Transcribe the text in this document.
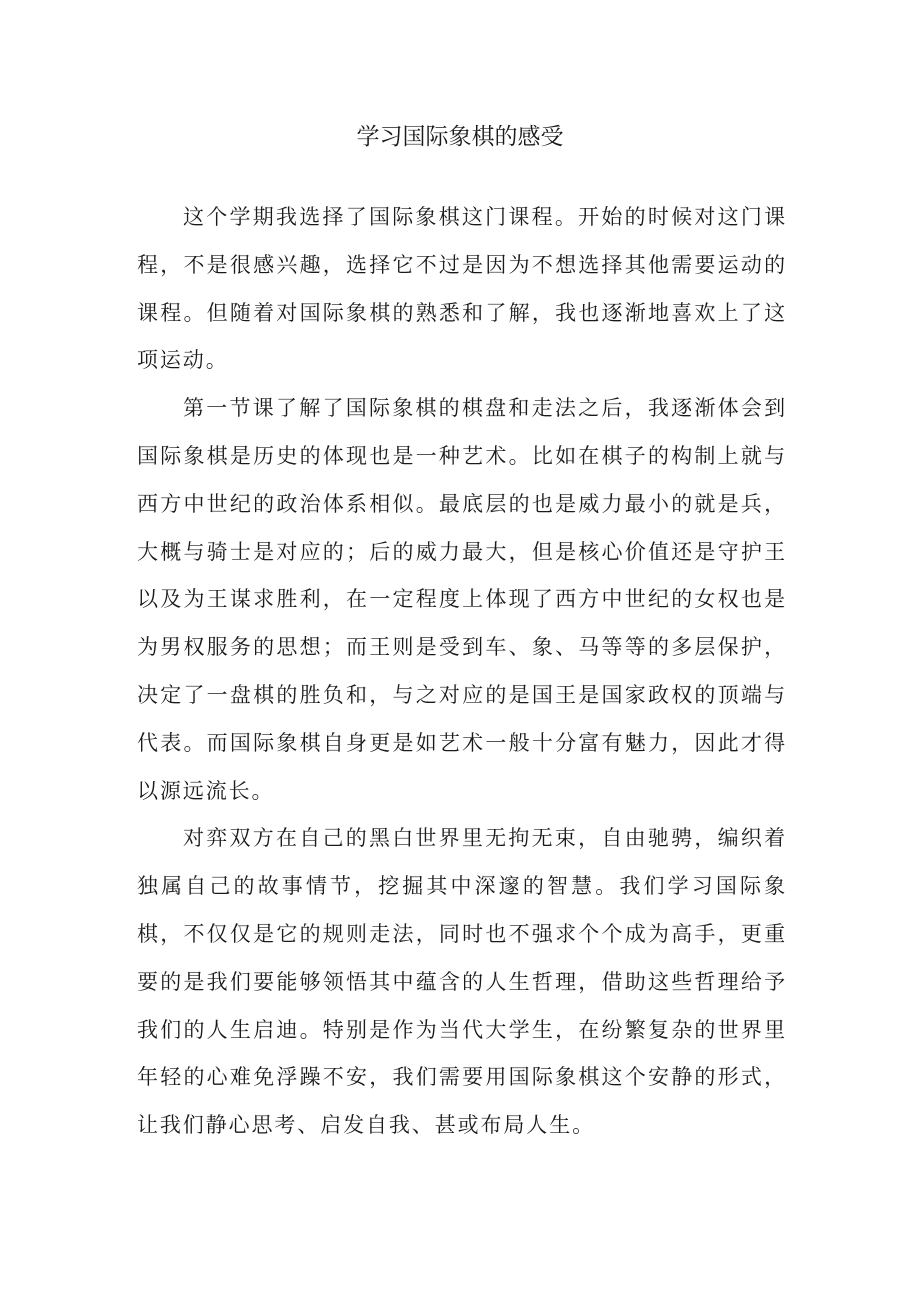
学习国际象棋的感受

这个学期我选择了国际象棋这门课程。开始的时候对这门课程，不是很感兴趣，选择它不过是因为不想选择其他需要运动的课程。但随着对国际象棋的熟悉和了解，我也逐渐地喜欢上了这项运动。

第一节课了解了国际象棋的棋盘和走法之后，我逐渐体会到国际象棋是历史的体现也是一种艺术。比如在棋子的构制上就与西方中世纪的政治体系相似。最底层的也是威力最小的就是兵，大概与骑士是对应的；后的威力最大，但是核心价值还是守护王以及为王谋求胜利，在一定程度上体现了西方中世纪的女权也是为男权服务的思想；而王则是受到车、象、马等等的多层保护，决定了一盘棋的胜负和，与之对应的是国王是国家政权的顶端与代表。而国际象棋自身更是如艺术一般十分富有魅力，因此才得以源远流长。

对弈双方在自己的黑白世界里无拘无束，自由驰骋，编织着独属自己的故事情节，挖掘其中深邃的智慧。我们学习国际象棋，不仅仅是它的规则走法，同时也不强求个个成为高手，更重要的是我们要能够领悟其中蕴含的人生哲理，借助这些哲理给予我们的人生启迪。特别是作为当代大学生，在纷繁复杂的世界里年轻的心难免浮躁不安，我们需要用国际象棋这个安静的形式，让我们静心思考、启发自我、甚或布局人生。
